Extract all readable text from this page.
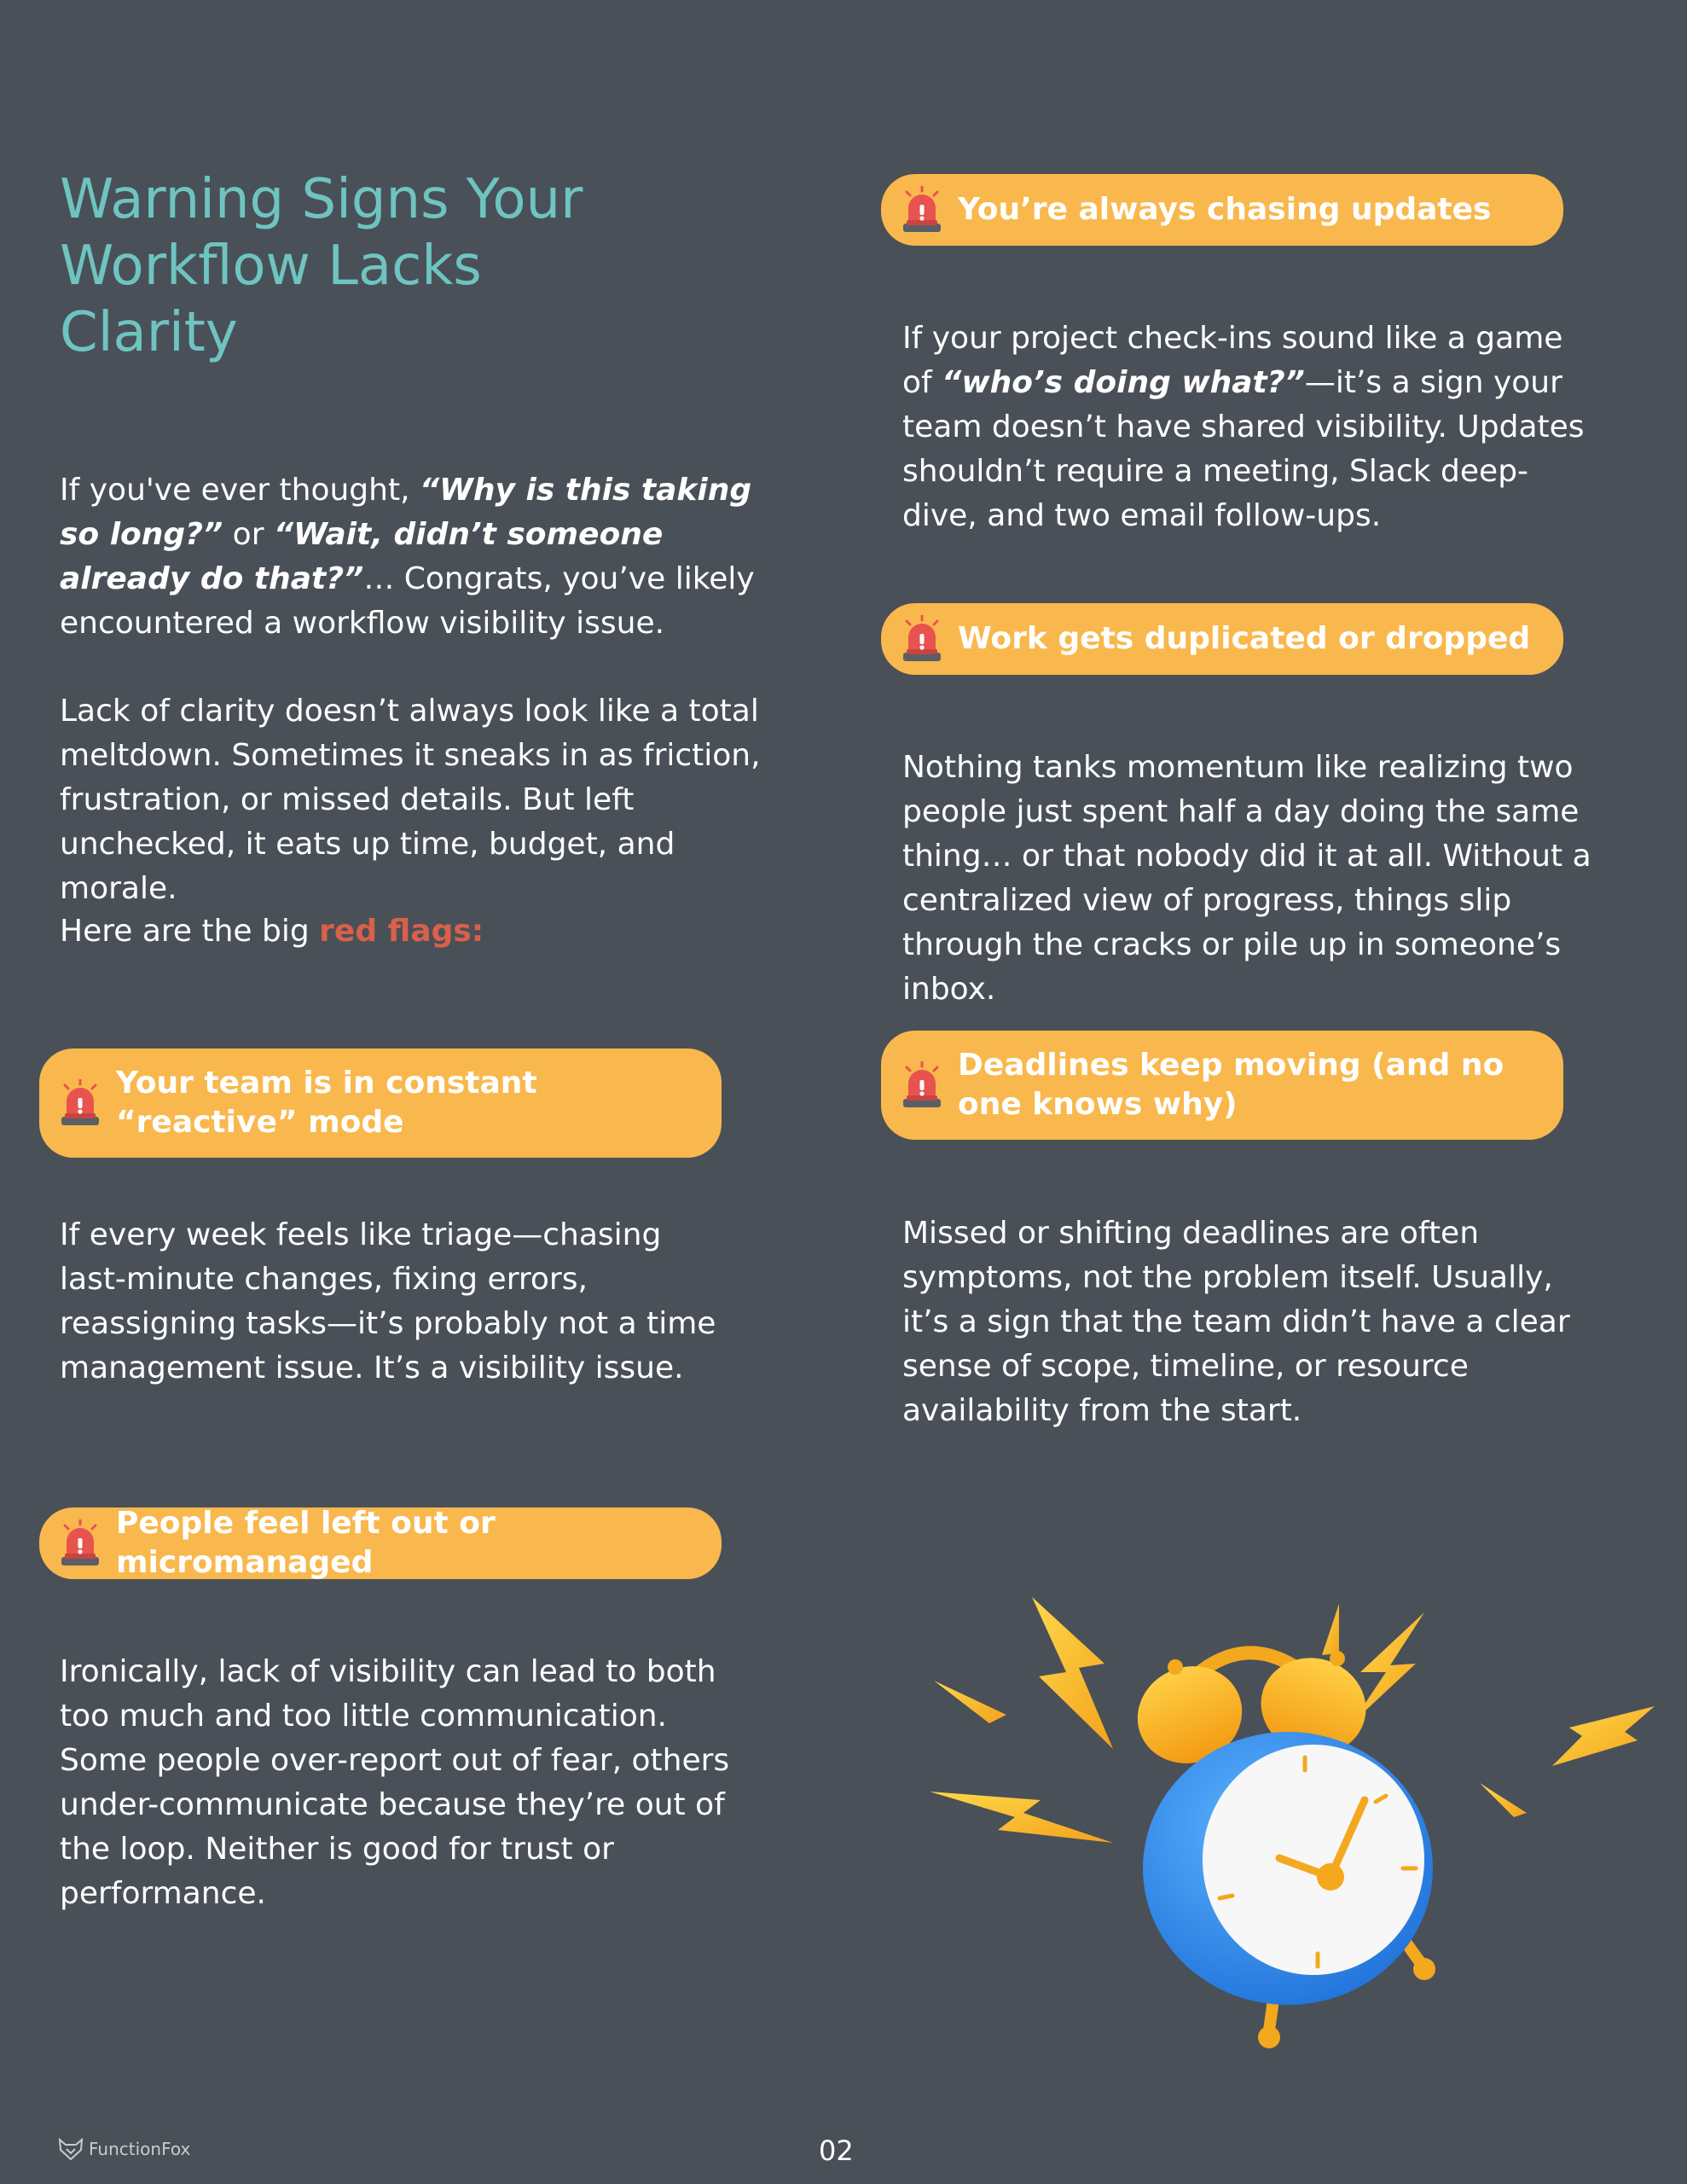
Warning Signs Your Workflow Lacks Clarity

If you've ever thought, “Why is this taking so long?” or “Wait, didn’t someone already do that?”… Congrats, you’ve likely encountered a workflow visibility issue.

Lack of clarity doesn’t always look like a total meltdown. Sometimes it sneaks in as friction, frustration, or missed details. But left unchecked, it eats up time, budget, and morale.

Here are the big red flags:

Your team is in constant “reactive” mode

If every week feels like triage—chasing last-minute changes, fixing errors, reassigning tasks—it’s probably not a time management issue. It’s a visibility issue.

People feel left out or micromanaged

Ironically, lack of visibility can lead to both too much and too little communication. Some people over-report out of fear, others under-communicate because they’re out of the loop. Neither is good for trust or performance.

You’re always chasing updates

If your project check-ins sound like a game of “who’s doing what?”—it’s a sign your team doesn’t have shared visibility. Updates shouldn’t require a meeting, Slack deep-dive, and two email follow-ups.

Work gets duplicated or dropped

Nothing tanks momentum like realizing two people just spent half a day doing the same thing… or that nobody did it at all. Without a centralized view of progress, things slip through the cracks or pile up in someone’s inbox.

Deadlines keep moving (and no one knows why)

Missed or shifting deadlines are often symptoms, not the problem itself. Usually, it’s a sign that the team didn’t have a clear sense of scope, timeline, or resource availability from the start.

FunctionFox	02
